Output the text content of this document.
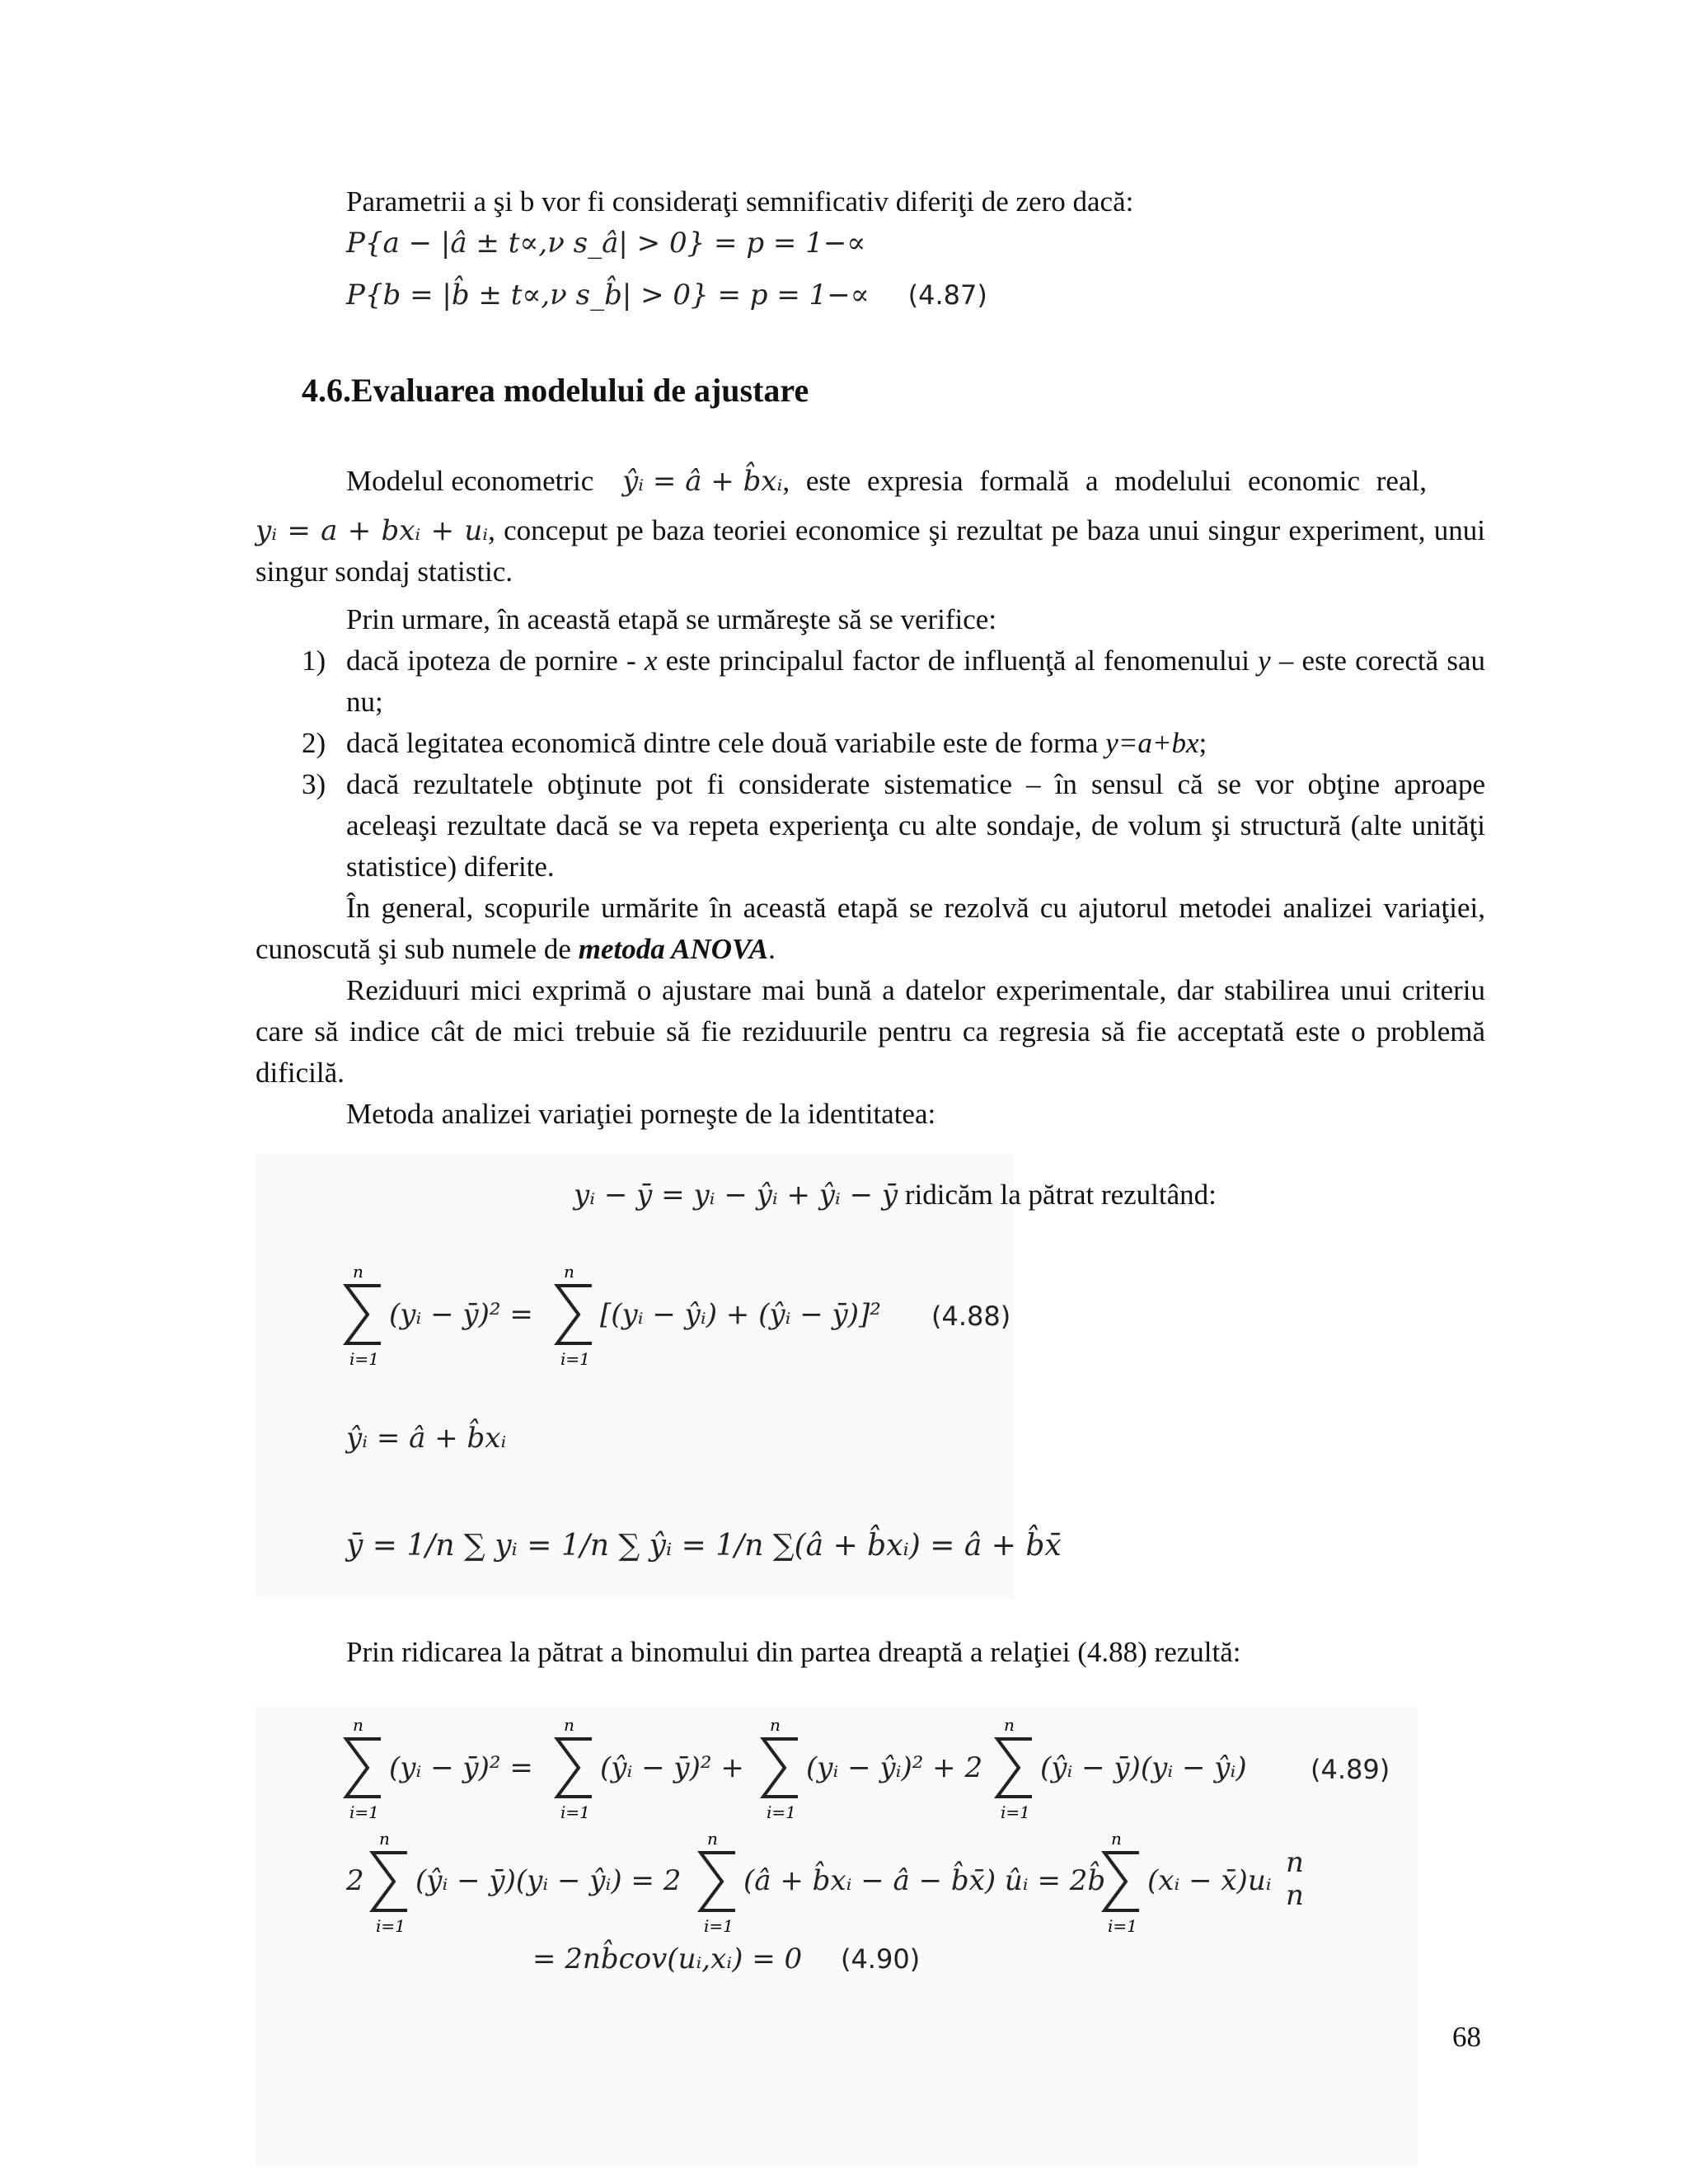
Parametrii a şi b vor fi consideraţi semnificativ diferiţi de zero dacă:
P{a − |â ± t∝,ν s_â| > 0} = p = 1−∝
P{b = |b̂ ± t∝,ν s_b̂| > 0} = p = 1−∝ (4.87)
4.6.Evaluarea modelului de ajustare
Modelul econometric ŷᵢ = â + b̂xᵢ, este expresia formală a modelului economic real,
yᵢ = a + bxᵢ + uᵢ, conceput pe baza teoriei economice şi rezultat pe baza unui singur experiment, unui singur sondaj statistic.
Prin urmare, în această etapă se urmăreşte să se verifice:
1) dacă ipoteza de pornire - x este principalul factor de influenţă al fenomenului y – este corectă sau nu;
2) dacă legitatea economică dintre cele două variabile este de forma y=a+bx;
3) dacă rezultatele obţinute pot fi considerate sistematice – în sensul că se vor obţine aproape aceleaşi rezultate dacă se va repeta experienţa cu alte sondaje, de volum şi structură (alte unităţi statistice) diferite.
În general, scopurile urmărite în această etapă se rezolvă cu ajutorul metodei analizei variaţiei, cunoscută şi sub numele de metoda ANOVA.
Reziduuri mici exprimă o ajustare mai bună a datelor experimentale, dar stabilirea unui criteriu care să indice cât de mici trebuie să fie reziduurile pentru ca regresia să fie acceptată este o problemă dificilă.
Metoda analizei variaţiei porneşte de la identitatea:
yᵢ − ȳ = yᵢ − ŷᵢ + ŷᵢ − ȳ ridicăm la pătrat rezultând:
n
i=1
(yᵢ − ȳ)² =
n
i=1
[(yᵢ − ŷᵢ) + (ŷᵢ − ȳ)]² (4.88)
ŷᵢ = â + b̂xᵢ
ȳ = 1/n ∑ yᵢ = 1/n ∑ ŷᵢ = 1/n ∑(â + b̂xᵢ) = â + b̂x̄
Prin ridicarea la pătrat a binomului din partea dreaptă a relaţiei (4.88) rezultă:
n
i=1
(yᵢ − ȳ)² =
n
i=1
(ŷᵢ − ȳ)² +
n
i=1
(yᵢ − ŷᵢ)² + 2
n
i=1
(ŷᵢ − ȳ)(yᵢ − ŷᵢ) (4.89)
2
n
i=1
(ŷᵢ − ȳ)(yᵢ − ŷᵢ) = 2
n
i=1
(â + b̂xᵢ − â − b̂x̄) ûᵢ = 2b̂
n
i=1
(xᵢ − x̄)uᵢ
n
n
= 2nb̂cov(uᵢ,xᵢ) = 0 (4.90)
68
